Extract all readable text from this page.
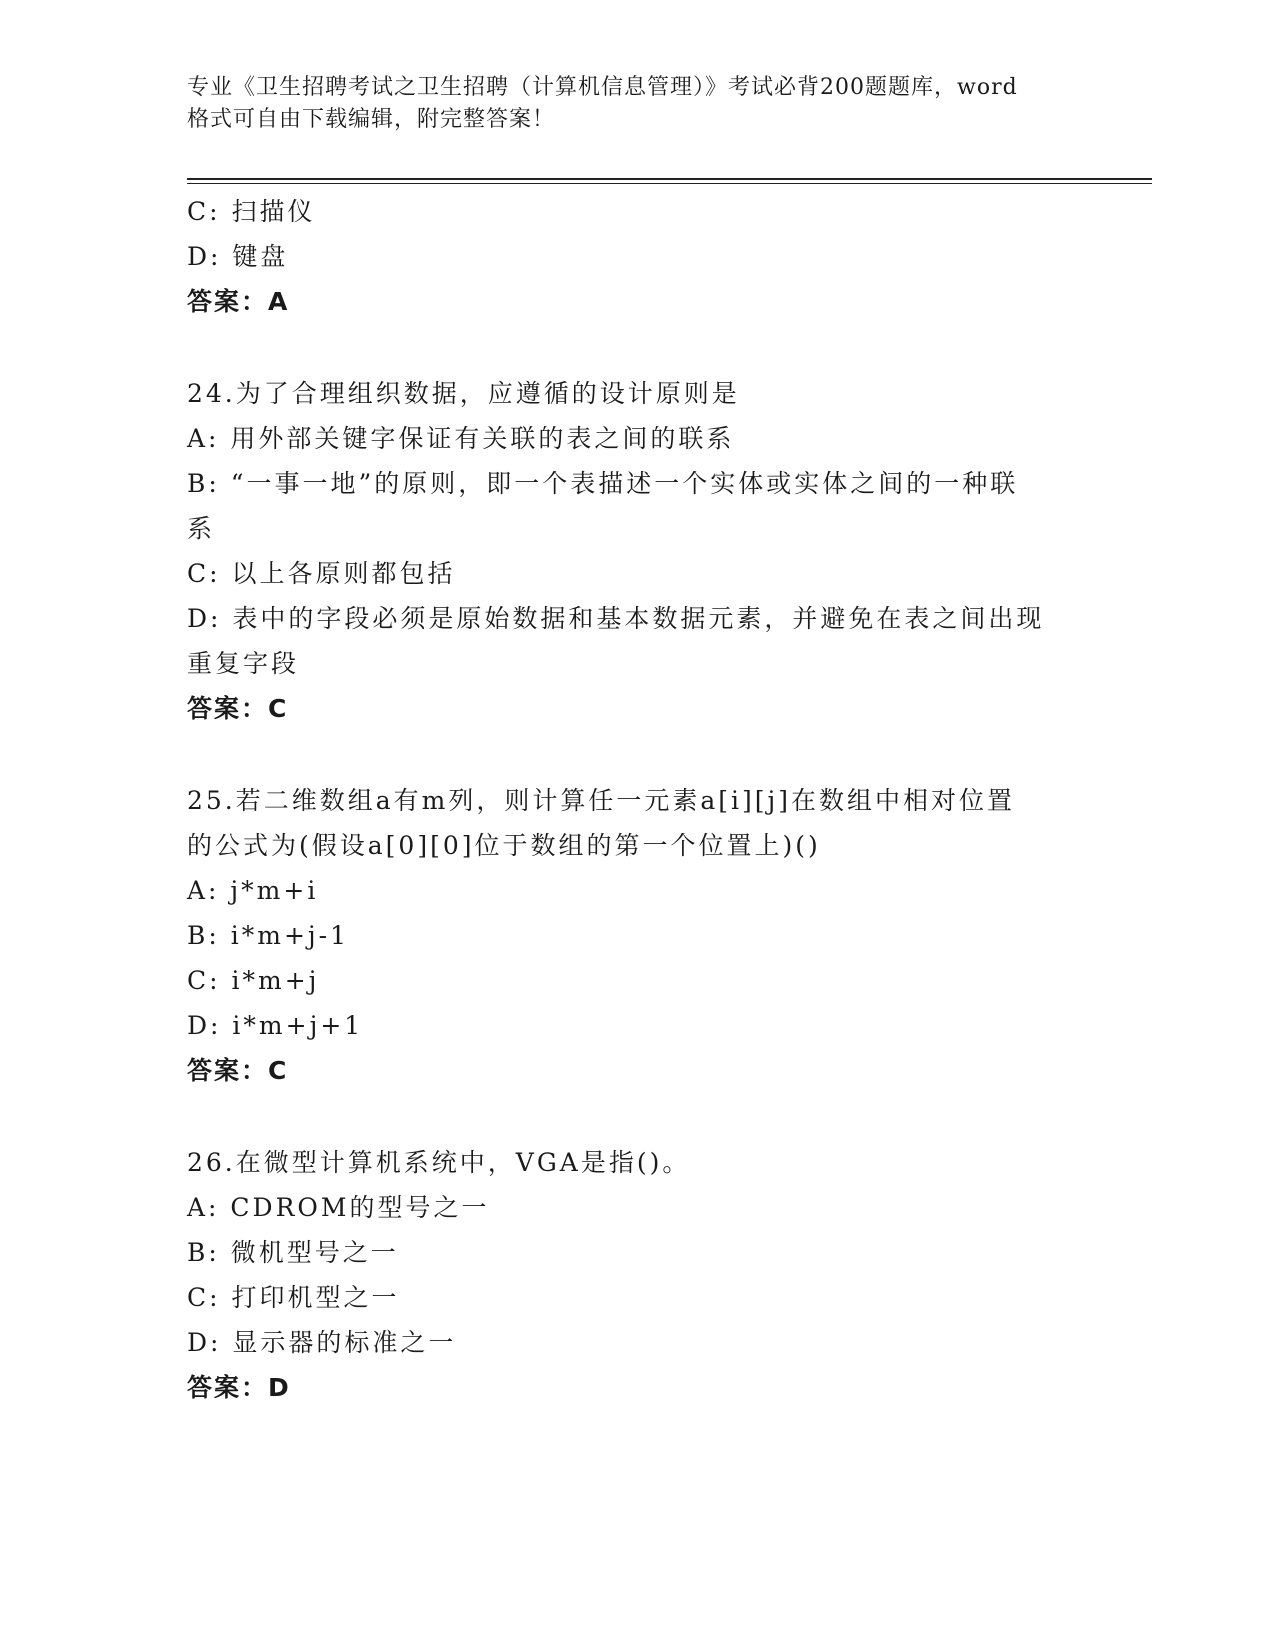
专业《卫生招聘考试之卫生招聘（计算机信息管理）》考试必背200题题库，word
格式可自由下载编辑，附完整答案！
C: 扫描仪
D: 键盘
答案：A
24.为了合理组织数据，应遵循的设计原则是
A: 用外部关键字保证有关联的表之间的联系
B: “一事一地”的原则，即一个表描述一个实体或实体之间的一种联
系
C: 以上各原则都包括
D: 表中的字段必须是原始数据和基本数据元素，并避免在表之间出现
重复字段
答案：C
25.若二维数组a有m列，则计算任一元素a[i][j]在数组中相对位置
的公式为(假设a[0][0]位于数组的第一个位置上)()
A: j*m+i
B: i*m+j-1
C: i*m+j
D: i*m+j+1
答案：C
26.在微型计算机系统中，VGA是指()。
A: CDROM的型号之一
B: 微机型号之一
C: 打印机型之一
D: 显示器的标准之一
答案：D
